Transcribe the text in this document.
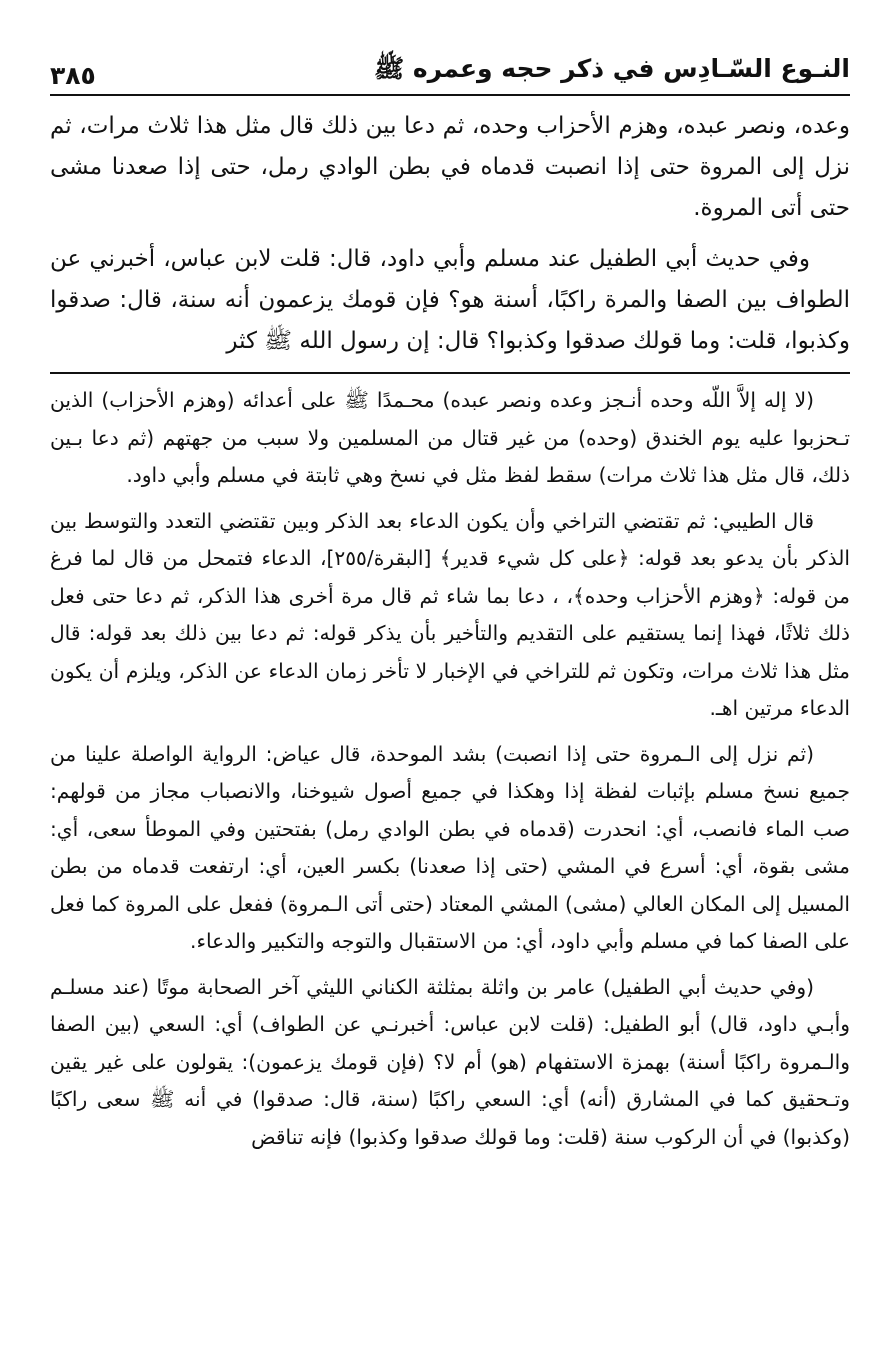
النـوع السّـادِس في ذكر حجه وعمره ﷺ
٣٨٥

وعده، ونصر عبده، وهزم الأحزاب وحده، ثم دعا بين ذلك قال مثل هذا ثلاث مرات، ثم نزل إلى المروة حتى إذا انصبت قدماه في بطن الوادي رمل، حتى إذا صعدنا مشى حتى أتى المروة.

وفي حديث أبي الطفيل عند مسلم وأبي داود، قال: قلت لابن عباس، أخبرني عن الطواف بين الصفا والمرة راكبًا، أسنة هو؟ فإن قومك يزعمون أنه سنة، قال: صدقوا وكذبوا، قلت: وما قولك صدقوا وكذبوا؟ قال: إن رسول الله ﷺ كثر

(لا إله إلاَّ اللّه وحده أنـجز وعده ونصر عبده) محـمدًا ﷺ على أعدائه (وهزم الأحزاب) الذين تـحزبوا عليه يوم الخندق (وحده) من غير قتال من المسلمين ولا سبب من جهتهم (ثم دعا بـين ذلك، قال مثل هذا ثلاث مرات) سقط لفظ مثل في نسخ وهي ثابتة في مسلم وأبي داود.

قال الطيبي: ثم تقتضي التراخي وأن يكون الدعاء بعد الذكر وبين تقتضي التعدد والتوسط بين الذكر بأن يدعو بعد قوله: ﴿على كل شيء قدير﴾ [البقرة/٢٥٥]، الدعاء فتمحل من قال لما فرغ من قوله: ﴿وهزم الأحزاب وحده﴾، ، دعا بما شاء ثم قال مرة أخرى هذا الذكر، ثم دعا حتى فعل ذلك ثلاثًا، فهذا إنما يستقيم على التقديم والتأخير بأن يذكر قوله: ثم دعا بين ذلك بعد قوله: قال مثل هذا ثلاث مرات، وتكون ثم للتراخي في الإخبار لا تأخر زمان الدعاء عن الذكر، ويلزم أن يكون الدعاء مرتين اهـ.

(ثم نزل إلى الـمروة حتى إذا انصبت) بشد الموحدة، قال عياض: الرواية الواصلة علينا من جميع نسخ مسلم بإثبات لفظة إذا وهكذا في جميع أصول شيوخنا، والانصباب مجاز من قولهم: صب الماء فانصب، أي: انحدرت (قدماه في بطن الوادي رمل) بفتحتين وفي الموطأ سعى، أي: مشى بقوة، أي: أسرع في المشي (حتى إذا صعدنا) بكسر العين، أي: ارتفعت قدماه من بطن المسيل إلى المكان العالي (مشى) المشي المعتاد (حتى أتى الـمروة) ففعل على المروة كما فعل على الصفا كما في مسلم وأبي داود، أي: من الاستقبال والتوجه والتكبير والدعاء.

(وفي حديث أبي الطفيل) عامر بن واثلة بمثلثة الكناني الليثي آخر الصحابة موتًا (عند مسلـم وأبـي داود، قال) أبو الطفيل: (قلت لابن عباس: أخبرنـي عن الطواف) أي: السعي (بين الصفا والـمروة راكبًا أسنة) بهمزة الاستفهام (هو) أم لا؟ (فإن قومك يزعمون): يقولون على غير يقين وتـحقيق كما في المشارق (أنه) أي: السعي راكبًا (سنة، قال: صدقوا) في أنه ﷺ سعى راكبًا (وكذبوا) في أن الركوب سنة (قلت: وما قولك صدقوا وكذبوا) فإنه تناقض
